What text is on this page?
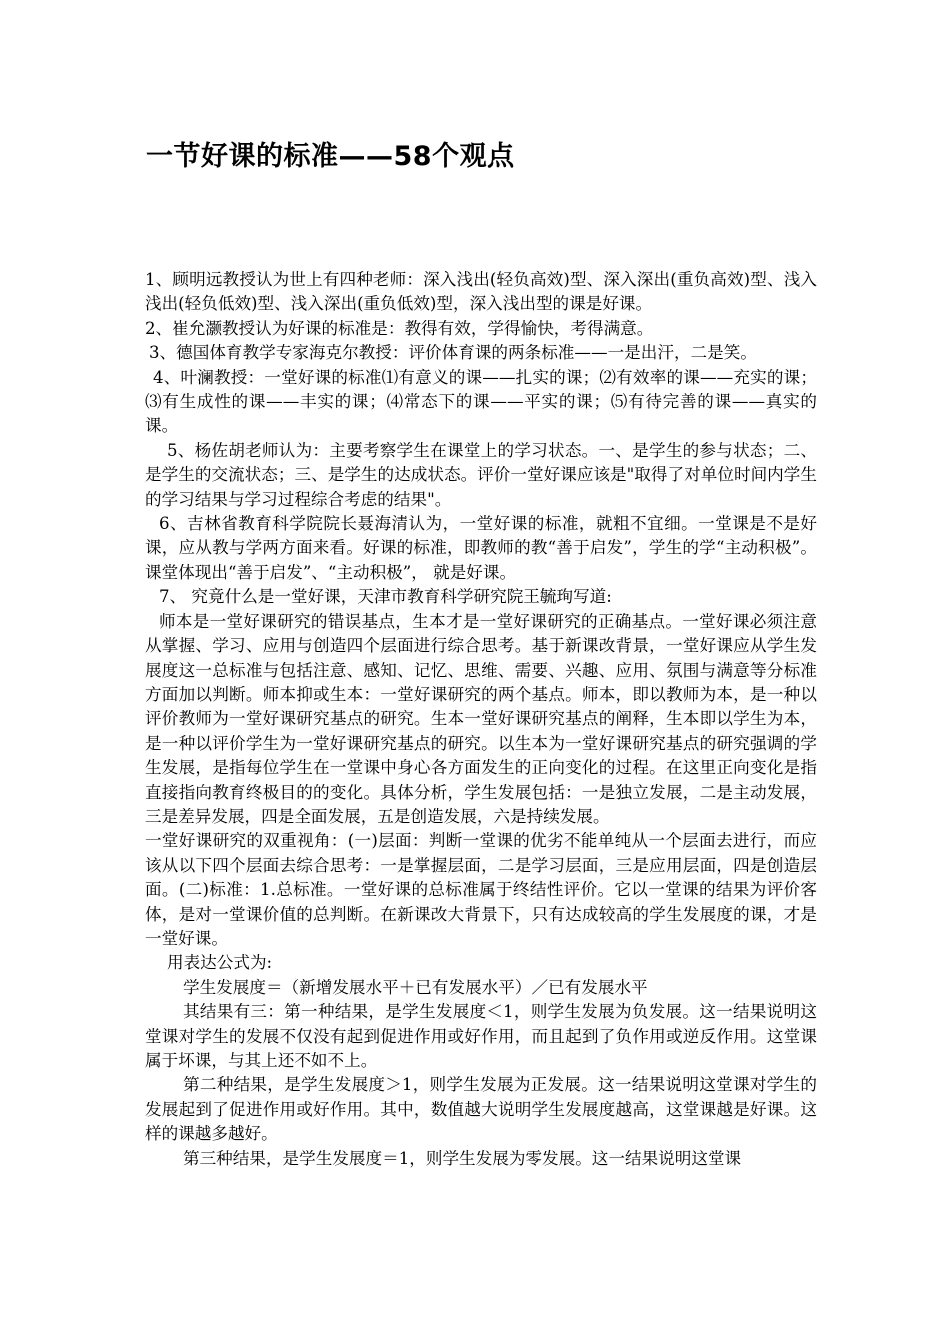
一节好课的标准——58个观点

1、顾明远教授认为世上有四种老师：深入浅出(轻负高效)型、深入深出(重负高效)型、浅入浅出(轻负低效)型、浅入深出(重负低效)型，深入浅出型的课是好课。

2、崔允灏教授认为好课的标准是：教得有效，学得愉快，考得满意。

3、德国体育教学专家海克尔教授：评价体育课的两条标准——一是出汗，二是笑。

4、叶澜教授：一堂好课的标准⑴有意义的课——扎实的课；⑵有效率的课——充实的课；⑶有生成性的课——丰实的课；⑷常态下的课——平实的课；⑸有待完善的课——真实的课。

5、杨佐胡老师认为：主要考察学生在课堂上的学习状态。一、是学生的参与状态；二、是学生的交流状态；三、是学生的达成状态。评价一堂好课应该是"取得了对单位时间内学生的学习结果与学习过程综合考虑的结果"。

6、吉林省教育科学院院长聂海清认为，一堂好课的标准，就粗不宜细。一堂课是不是好课，应从教与学两方面来看。好课的标准，即教师的教“善于启发”，学生的学“主动积极”。课堂体现出“善于启发”、“主动积极”， 就是好课。

7、 究竟什么是一堂好课，天津市教育科学研究院王毓珣写道:

师本是一堂好课研究的错误基点，生本才是一堂好课研究的正确基点。一堂好课必须注意从掌握、学习、应用与创造四个层面进行综合思考。基于新课改背景，一堂好课应从学生发展度这一总标准与包括注意、感知、记忆、思维、需要、兴趣、应用、氛围与满意等分标准方面加以判断。师本抑或生本：一堂好课研究的两个基点。师本，即以教师为本，是一种以评价教师为一堂好课研究基点的研究。生本一堂好课研究基点的阐释，生本即以学生为本，是一种以评价学生为一堂好课研究基点的研究。以生本为一堂好课研究基点的研究强调的学生发展，是指每位学生在一堂课中身心各方面发生的正向变化的过程。在这里正向变化是指直接指向教育终极目的的变化。具体分析，学生发展包括：一是独立发展，二是主动发展，三是差异发展，四是全面发展，五是创造发展，六是持续发展。

一堂好课研究的双重视角：(一)层面：判断一堂课的优劣不能单纯从一个层面去进行，而应该从以下四个层面去综合思考：一是掌握层面，二是学习层面，三是应用层面，四是创造层面。(二)标准：1.总标准。一堂好课的总标准属于终结性评价。它以一堂课的结果为评价客体，是对一堂课价值的总判断。在新课改大背景下，只有达成较高的学生发展度的课，才是一堂好课。

用表达公式为:

学生发展度＝（新增发展水平＋已有发展水平）／已有发展水平

其结果有三：第一种结果，是学生发展度＜1，则学生发展为负发展。这一结果说明这堂课对学生的发展不仅没有起到促进作用或好作用，而且起到了负作用或逆反作用。这堂课属于坏课，与其上还不如不上。

第二种结果，是学生发展度＞1，则学生发展为正发展。这一结果说明这堂课对学生的发展起到了促进作用或好作用。其中，数值越大说明学生发展度越高，这堂课越是好课。这样的课越多越好。

第三种结果，是学生发展度＝1，则学生发展为零发展。这一结果说明这堂课
